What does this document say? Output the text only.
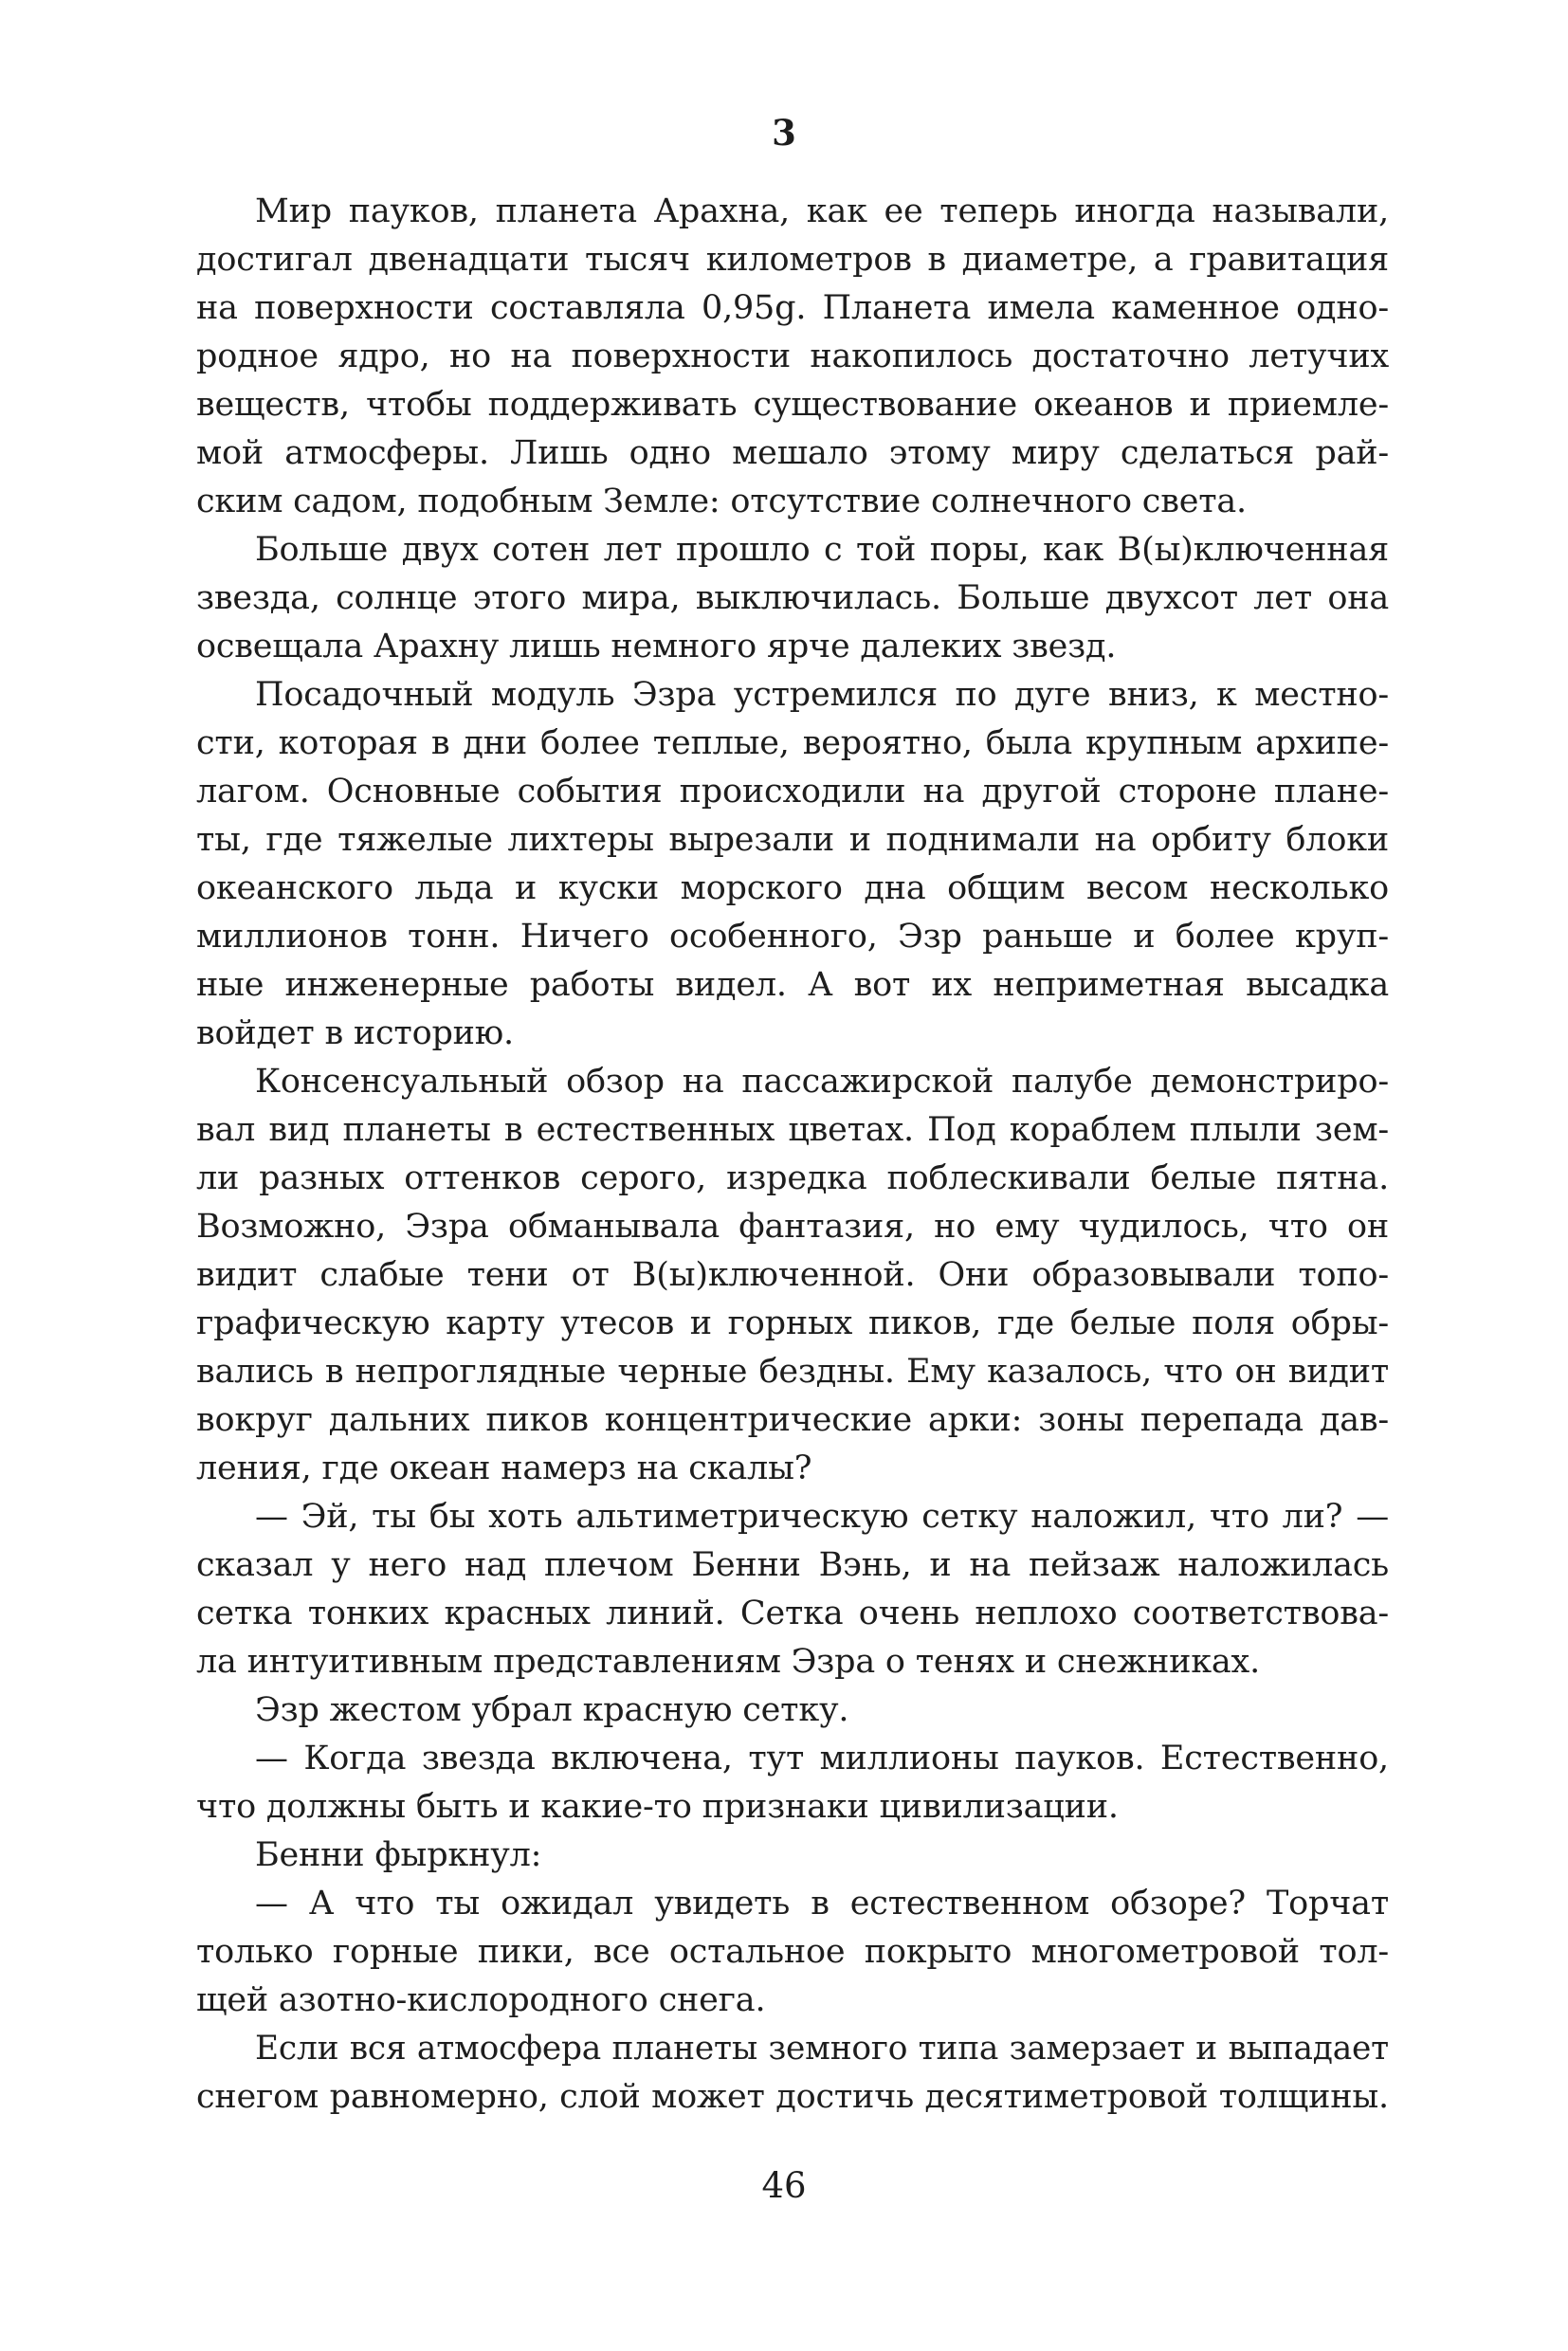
3
Мир пауков, планета Арахна, как ее теперь иногда называли,
достигал двенадцати тысяч километров в диаметре, а гравитация
на поверхности составляла 0,95g. Планета имела каменное одно-
родное ядро, но на поверхности накопилось достаточно летучих
веществ, чтобы поддерживать существование океанов и приемле-
мой атмосферы. Лишь одно мешало этому миру сделаться рай-
ским садом, подобным Земле: отсутствие солнечного света.
Больше двух сотен лет прошло с той поры, как В(ы)ключенная
звезда, солнце этого мира, выключилась. Больше двухсот лет она
освещала Арахну лишь немного ярче далеких звезд.
Посадочный модуль Эзра устремился по дуге вниз, к местно-
сти, которая в дни более теплые, вероятно, была крупным архипе-
лагом. Основные события происходили на другой стороне плане-
ты, где тяжелые лихтеры вырезали и поднимали на орбиту блоки
океанского льда и куски морского дна общим весом несколько
миллионов тонн. Ничего особенного, Эзр раньше и более круп-
ные инженерные работы видел. А вот их неприметная высадка
войдет в историю.
Консенсуальный обзор на пассажирской палубе демонстриро-
вал вид планеты в естественных цветах. Под кораблем плыли зем-
ли разных оттенков серого, изредка поблескивали белые пятна.
Возможно, Эзра обманывала фантазия, но ему чудилось, что он
видит слабые тени от В(ы)ключенной. Они образовывали топо-
графическую карту утесов и горных пиков, где белые поля обры-
вались в непроглядные черные бездны. Ему казалось, что он видит
вокруг дальних пиков концентрические арки: зоны перепада дав-
ления, где океан намерз на скалы?
— Эй, ты бы хоть альтиметрическую сетку наложил, что ли? —
сказал у него над плечом Бенни Вэнь, и на пейзаж наложилась
сетка тонких красных линий. Сетка очень неплохо соответствова-
ла интуитивным представлениям Эзра о тенях и снежниках.
Эзр жестом убрал красную сетку.
— Когда звезда включена, тут миллионы пауков. Естественно,
что должны быть и какие-то признаки цивилизации.
Бенни фыркнул:
— А что ты ожидал увидеть в естественном обзоре? Торчат
только горные пики, все остальное покрыто многометровой тол-
щей азотно-кислородного снега.
Если вся атмосфера планеты земного типа замерзает и выпадает
снегом равномерно, слой может достичь десятиметровой толщины.
46
